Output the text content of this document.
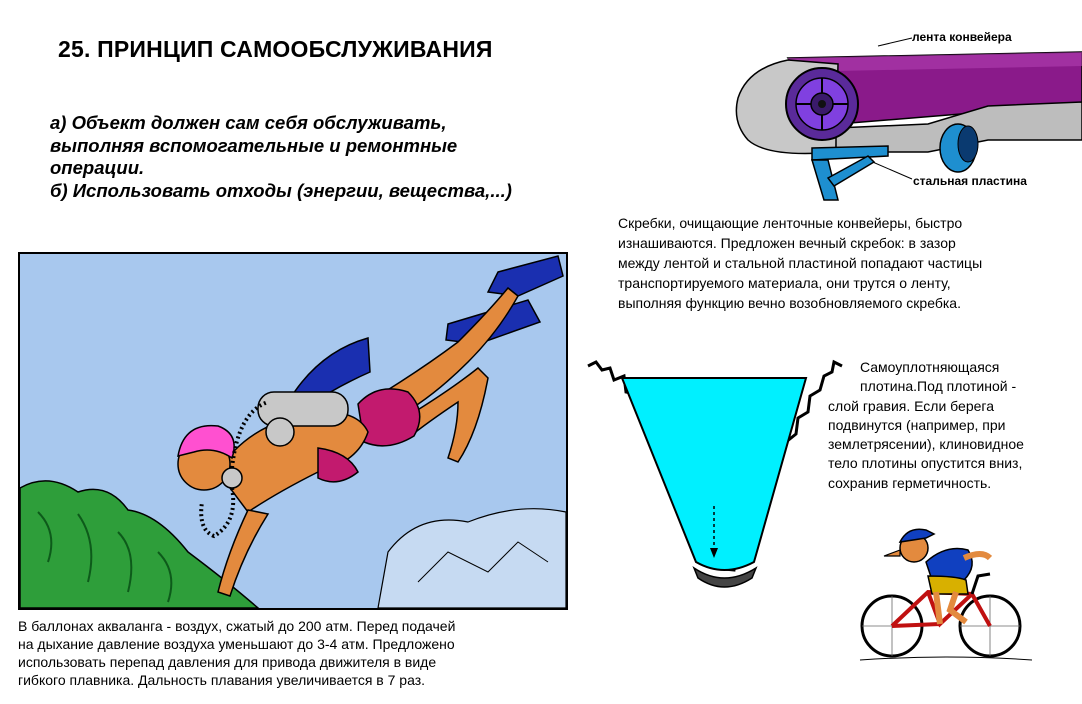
25. ПРИНЦИП САМООБСЛУЖИВАНИЯ
а) Объект должен сам себя обслуживать,
выполняя вспомогательные и ремонтные
операции.
б) Использовать отходы (энергии, вещества,...)
лента конвейера
стальная пластина
Скребки, очищающие ленточные конвейеры, быстро
изнашиваются. Предложен вечный скребок: в зазор
между лентой и стальной пластиной попадают частицы
транспортируемого материала, они трутся о ленту,
выполняя функцию вечно возобновляемого скребка.
В баллонах акваланга - воздух, сжатый до 200 атм. Перед подачей
на дыхание давление воздуха уменьшают до 3-4 атм. Предложено
использовать перепад давления для привода движителя в виде
гибкого плавника. Дальность плавания увеличивается в 7 раз.
Самоуплотняющаяся
плотина.Под плотиной -
слой гравия. Если берега
подвинутся (например, при
землетрясении), клиновидное
тело плотины опустится вниз,
сохранив герметичность.
